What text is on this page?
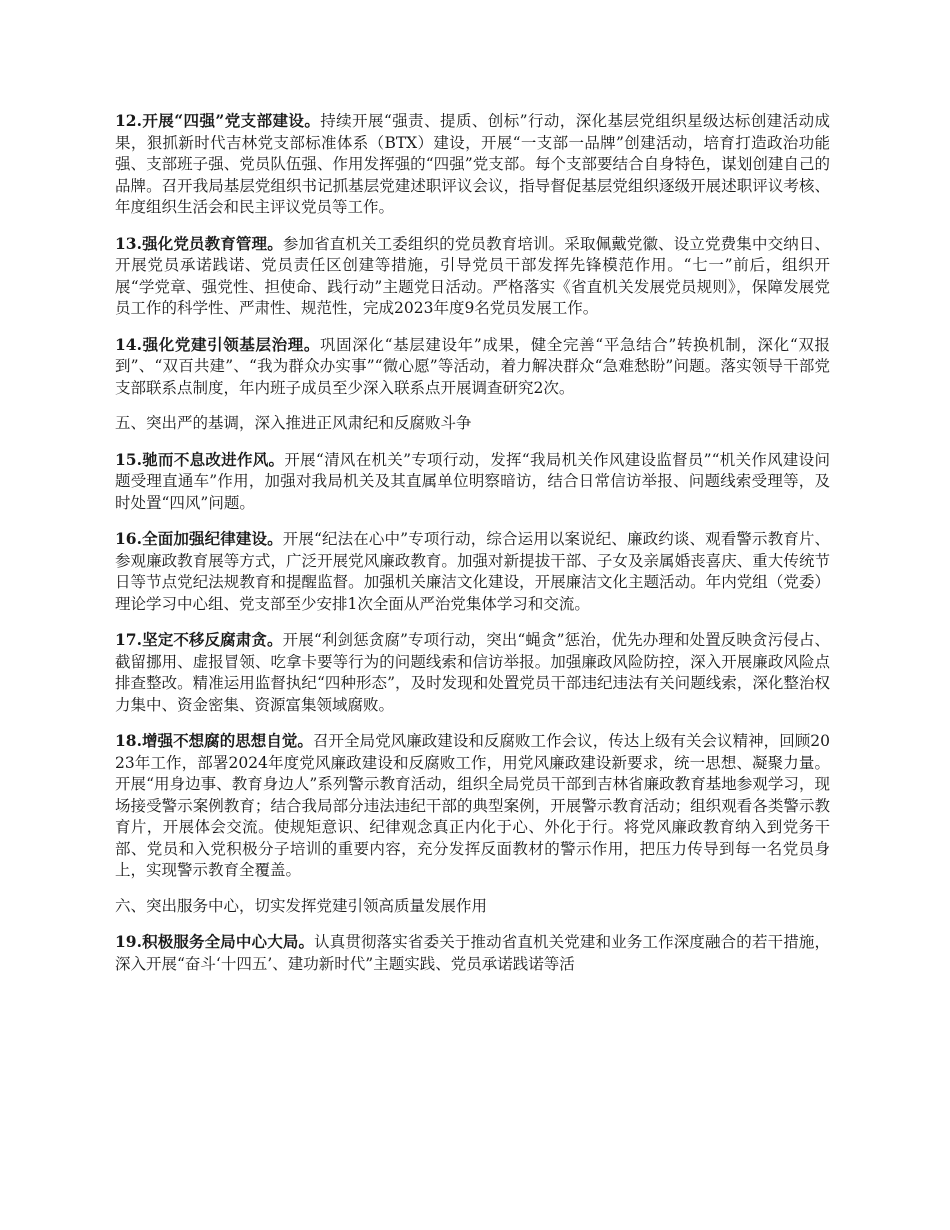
12.开展“四强”党支部建设。持续开展“强责、提质、创标”行动，深化基层党组织星级达标创建活动成果，狠抓新时代吉林党支部标准体系（BTX）建设，开展“一支部一品牌”创建活动，培育打造政治功能强、支部班子强、党员队伍强、作用发挥强的“四强”党支部。每个支部要结合自身特色，谋划创建自己的品牌。召开我局基层党组织书记抓基层党建述职评议会议，指导督促基层党组织逐级开展述职评议考核、年度组织生活会和民主评议党员等工作。

13.强化党员教育管理。参加省直机关工委组织的党员教育培训。采取佩戴党徽、设立党费集中交纳日、开展党员承诺践诺、党员责任区创建等措施，引导党员干部发挥先锋模范作用。“七一”前后，组织开展“学党章、强党性、担使命、践行动”主题党日活动。严格落实《省直机关发展党员规则》，保障发展党员工作的科学性、严肃性、规范性，完成2023年度9名党员发展工作。

14.强化党建引领基层治理。巩固深化“基层建设年”成果，健全完善“平急结合”转换机制，深化“双报到”、“双百共建”、“我为群众办实事”“微心愿”等活动，着力解决群众“急难愁盼”问题。落实领导干部党支部联系点制度，年内班子成员至少深入联系点开展调查研究2次。

五、突出严的基调，深入推进正风肃纪和反腐败斗争

15.驰而不息改进作风。开展“清风在机关”专项行动，发挥“我局机关作风建设监督员”“机关作风建设问题受理直通车”作用，加强对我局机关及其直属单位明察暗访，结合日常信访举报、问题线索受理等，及时处置“四风”问题。

16.全面加强纪律建设。开展“纪法在心中”专项行动，综合运用以案说纪、廉政约谈、观看警示教育片、参观廉政教育展等方式，广泛开展党风廉政教育。加强对新提拔干部、子女及亲属婚丧喜庆、重大传统节日等节点党纪法规教育和提醒监督。加强机关廉洁文化建设，开展廉洁文化主题活动。年内党组（党委）理论学习中心组、党支部至少安排1次全面从严治党集体学习和交流。

17.坚定不移反腐肃贪。开展“利剑惩贪腐”专项行动，突出“蝇贪”惩治，优先办理和处置反映贪污侵占、截留挪用、虚报冒领、吃拿卡要等行为的问题线索和信访举报。加强廉政风险防控，深入开展廉政风险点排查整改。精准运用监督执纪“四种形态”，及时发现和处置党员干部违纪违法有关问题线索，深化整治权力集中、资金密集、资源富集领域腐败。

18.增强不想腐的思想自觉。召开全局党风廉政建设和反腐败工作会议，传达上级有关会议精神，回顾2023年工作，部署2024年度党风廉政建设和反腐败工作，用党风廉政建设新要求，统一思想、凝聚力量。开展“用身边事、教育身边人”系列警示教育活动，组织全局党员干部到吉林省廉政教育基地参观学习，现场接受警示案例教育；结合我局部分违法违纪干部的典型案例，开展警示教育活动；组织观看各类警示教育片，开展体会交流。使规矩意识、纪律观念真正内化于心、外化于行。将党风廉政教育纳入到党务干部、党员和入党积极分子培训的重要内容，充分发挥反面教材的警示作用，把压力传导到每一名党员身上，实现警示教育全覆盖。

六、突出服务中心，切实发挥党建引领高质量发展作用

19.积极服务全局中心大局。认真贯彻落实省委关于推动省直机关党建和业务工作深度融合的若干措施，深入开展“奋斗‘十四五’、建功新时代”主题实践、党员承诺践诺等活
